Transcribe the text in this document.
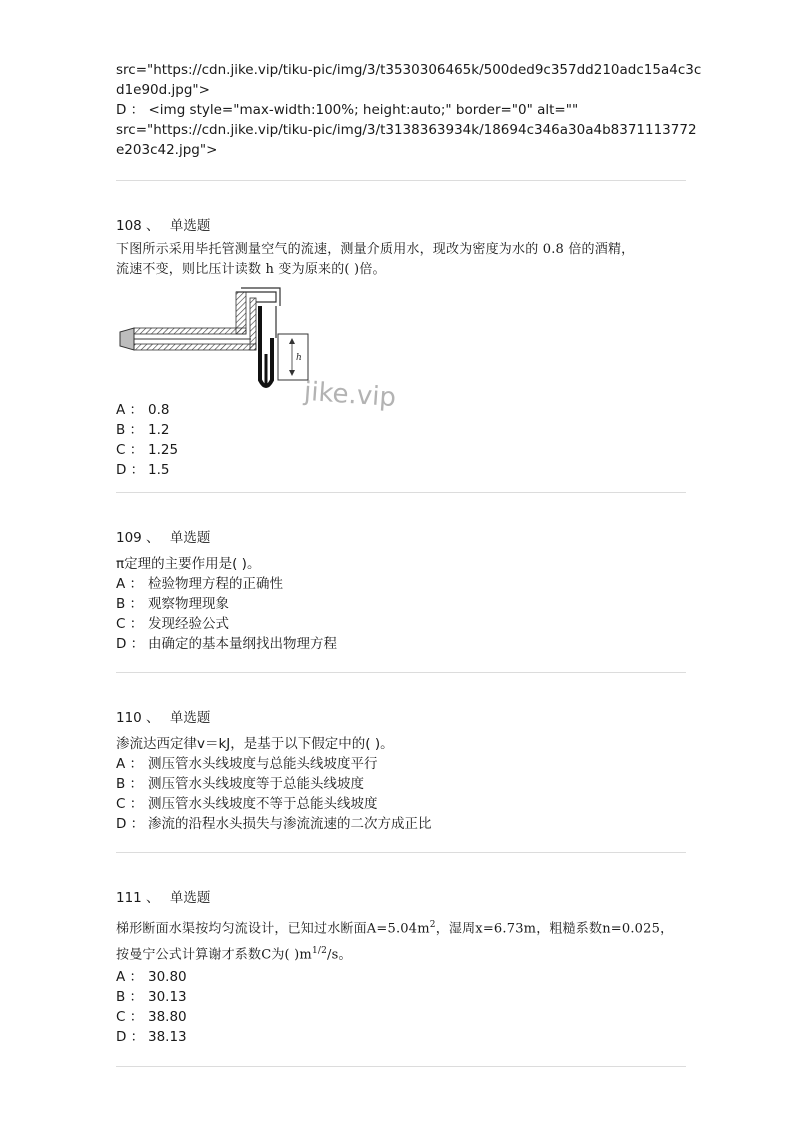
src="https://cdn.jike.vip/tiku-pic/img/3/t3530306465k/500ded9c357dd210adc15a4c3c
d1e90d.jpg">
D ： <img style="max-width:100%; height:auto;" border="0" alt=""
src="https://cdn.jike.vip/tiku-pic/img/3/t3138363934k/18694c346a30a4b8371113772
e203c42.jpg">
108 、 单选题
下图所示采用毕托管测量空气的流速，测量介质用水，现改为密度为水的 0.8 倍的酒精，
流速不变，则比压计读数 h 变为原来的( )倍。
h
jike.vip
A ： 0.8
B ： 1.2
C ： 1.25
D ： 1.5
109 、 单选题
π定理的主要作用是( )。
A ： 检验物理方程的正确性
B ： 观察物理现象
C ： 发现经验公式
D ： 由确定的基本量纲找出物理方程
110 、 单选题
渗流达西定律v＝kJ，是基于以下假定中的( )。
A ： 测压管水头线坡度与总能头线坡度平行
B ： 测压管水头线坡度等于总能头线坡度
C ： 测压管水头线坡度不等于总能头线坡度
D ： 渗流的沿程水头损失与渗流流速的二次方成正比
111 、 单选题
梯形断面水渠按均匀流设计，已知过水断面$A=5.04m^2$，湿周x=6.73m，粗糙系数n=0.025，
按曼宁公式计算谢才系数C为( )$m^{1/2}/s$。
A ： 30.80
B ： 30.13
C ： 38.80
D ： 38.13
